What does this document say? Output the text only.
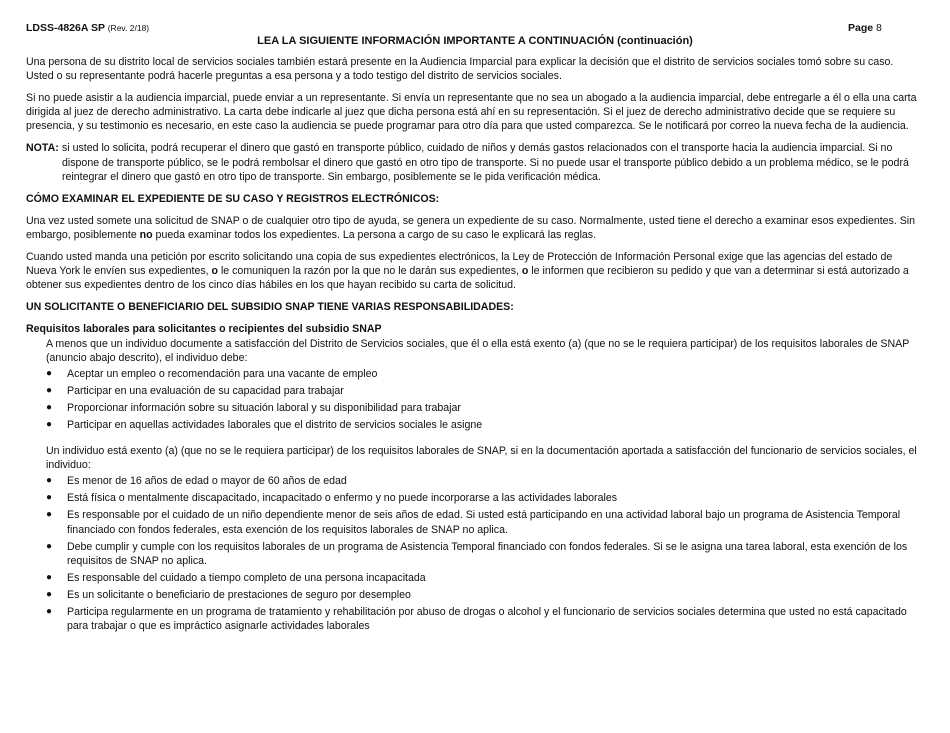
LDSS-4826A SP (Rev. 2/18)	Page 8
LEA LA SIGUIENTE INFORMACIÓN IMPORTANTE A CONTINUACIÓN (continuación)

Una persona de su distrito local de servicios sociales también estará presente en la Audiencia Imparcial para explicar la decisión que el distrito de servicios sociales tomó sobre su caso. Usted o su representante podrá hacerle preguntas a esa persona y a todo testigo del distrito de servicios sociales.

Si no puede asistir a la audiencia imparcial, puede enviar a un representante. Si envía un representante que no sea un abogado a la audiencia imparcial, debe entregarle a él o ella una carta dirigida al juez de derecho administrativo. La carta debe indicarle al juez que dicha persona está ahí en su representación. Si el juez de derecho administrativo decide que se requiere su presencia, y su testimonio es necesario, en este caso la audiencia se puede programar para otro día para que usted comparezca. Se le notificará por correo la nueva fecha de la audiencia.

NOTA: si usted lo solicita, podrá recuperar el dinero que gastó en transporte público, cuidado de niños y demás gastos relacionados con el transporte hacia la audiencia imparcial. Si no dispone de transporte público, se le podrá rembolsar el dinero que gastó en otro tipo de transporte. Si no puede usar el transporte público debido a un problema médico, se le podrá reintegrar el dinero que gastó en otro tipo de transporte. Sin embargo, posiblemente se le pida verificación médica.
CÓMO EXAMINAR EL EXPEDIENTE DE SU CASO Y REGISTROS ELECTRÓNICOS:

Una vez usted somete una solicitud de SNAP o de cualquier otro tipo de ayuda, se genera un expediente de su caso. Normalmente, usted tiene el derecho a examinar esos expedientes. Sin embargo, posiblemente no pueda examinar todos los expedientes. La persona a cargo de su caso le explicará las reglas.

Cuando usted manda una petición por escrito solicitando una copia de sus expedientes electrónicos, la Ley de Protección de Información Personal exige que las agencias del estado de Nueva York le envíen sus expedientes, o le comuniquen la razón por la que no le darán sus expedientes, o le informen que recibieron su pedido y que van a determinar si está autorizado a obtener sus expedientes dentro de los cinco días hábiles en los que hayan recibido su carta de solicitud.

UN SOLICITANTE O BENEFICIARIO DEL SUBSIDIO SNAP TIENE VARIAS RESPONSABILIDADES:
Requisitos laborales para solicitantes o recipientes del subsidio SNAP

A menos que un individuo documente a satisfacción del Distrito de Servicios sociales, que él o ella está exento (a) (que no se le requiera participar) de los requisitos laborales de SNAP (anuncio abajo descrito), el individuo debe:

●	Aceptar un empleo o recomendación para una vacante de empleo
●	Participar en una evaluación de su capacidad para trabajar
●	Proporcionar información sobre su situación laboral y su disponibilidad para trabajar
●	Participar en aquellas actividades laborales que el distrito de servicios sociales le asigne

Un individuo está exento (a) (que no se le requiera participar) de los requisitos laborales de SNAP, si en la documentación aportada a satisfacción del funcionario de servicios sociales, el individuo:

●	Es menor de 16 años de edad o mayor de 60 años de edad
●	Está física o mentalmente discapacitado, incapacitado o enfermo y no puede incorporarse a las actividades laborales
●	Es responsable por el cuidado de un niño dependiente menor de seis años de edad. Si usted está participando en una actividad laboral bajo un programa de Asistencia Temporal financiado con fondos federales, esta exención de los requisitos laborales de SNAP no aplica.
●	Debe cumplir y cumple con los requisitos laborales de un programa de Asistencia Temporal financiado con fondos federales. Si se le asigna una tarea laboral, esta exención de los requisitos de SNAP no aplica.
●	Es responsable del cuidado a tiempo completo de una persona incapacitada
●	Es un solicitante o beneficiario de prestaciones de seguro por desempleo
●	Participa regularmente en un programa de tratamiento y rehabilitación por abuso de drogas o alcohol y el funcionario de servicios sociales determina que usted no está capacitado para trabajar o que es impráctico asignarle actividades laborales
